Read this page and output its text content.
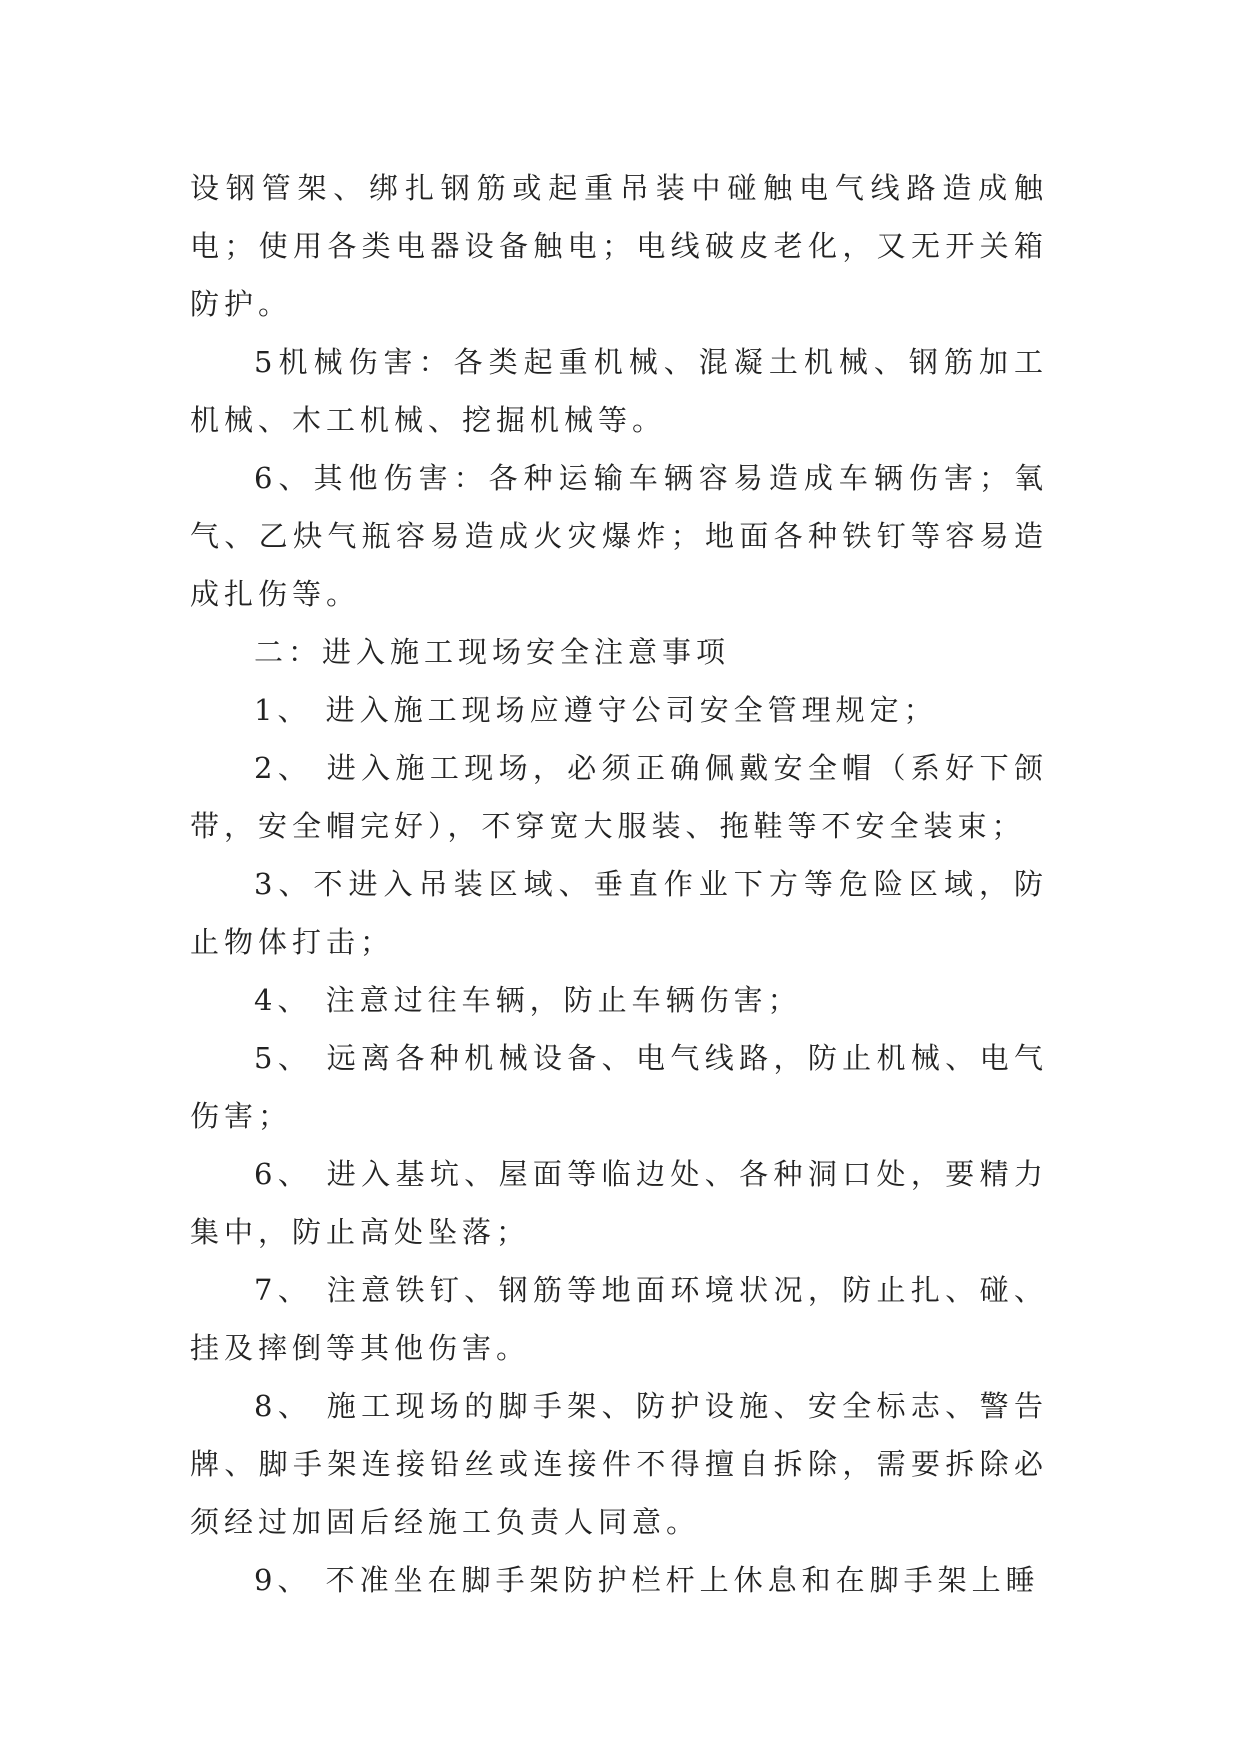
设钢管架、绑扎钢筋或起重吊装中碰触电气线路造成触电；使用各类电器设备触电；电线破皮老化，又无开关箱防护。

5机械伤害：各类起重机械、混凝土机械、钢筋加工机械、木工机械、挖掘机械等。

6、其他伤害：各种运输车辆容易造成车辆伤害；氧气、乙炔气瓶容易造成火灾爆炸；地面各种铁钉等容易造成扎伤等。

二：进入施工现场安全注意事项

1、 进入施工现场应遵守公司安全管理规定；

2、 进入施工现场，必须正确佩戴安全帽（系好下颌带，安全帽完好），不穿宽大服装、拖鞋等不安全装束；

3、不进入吊装区域、垂直作业下方等危险区域，防止物体打击；

4、 注意过往车辆，防止车辆伤害；

5、 远离各种机械设备、电气线路，防止机械、电气伤害；

6、 进入基坑、屋面等临边处、各种洞口处，要精力集中，防止高处坠落；

7、 注意铁钉、钢筋等地面环境状况，防止扎、碰、挂及摔倒等其他伤害。

8、 施工现场的脚手架、防护设施、安全标志、警告牌、脚手架连接铅丝或连接件不得擅自拆除，需要拆除必须经过加固后经施工负责人同意。

9、 不准坐在脚手架防护栏杆上休息和在脚手架上睡
